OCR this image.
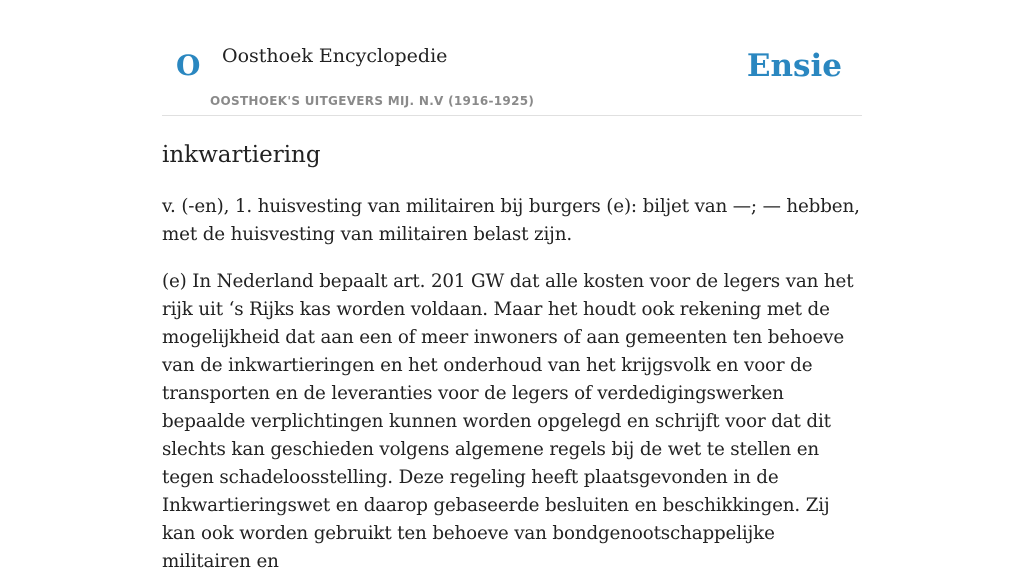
O Oosthoek Encyclopedie
OOSTHOEK'S UITGEVERS MIJ. N.V (1916-1925)
Ensie
inkwartiering

v. (-en), 1. huisvesting van militairen bij burgers (e): biljet van —; — hebben, met de huisvesting van militairen belast zijn.

(e) In Nederland bepaalt art. 201 GW dat alle kosten voor de legers van het rijk uit ‘s Rijks kas worden voldaan. Maar het houdt ook rekening met de mogelijkheid dat aan een of meer inwoners of aan gemeenten ten behoeve van de inkwartieringen en het onderhoud van het krijgsvolk en voor de transporten en de leveranties voor de legers of verdedigingswerken bepaalde verplichtingen kunnen worden opgelegd en schrijft voor dat dit slechts kan geschieden volgens algemene regels bij de wet te stellen en tegen schadeloosstelling. Deze regeling heeft plaatsgevonden in de Inkwartieringswet en daarop gebaseerde besluiten en beschikkingen. Zij kan ook worden gebruikt ten behoeve van bondgenootschappelijke militairen en
